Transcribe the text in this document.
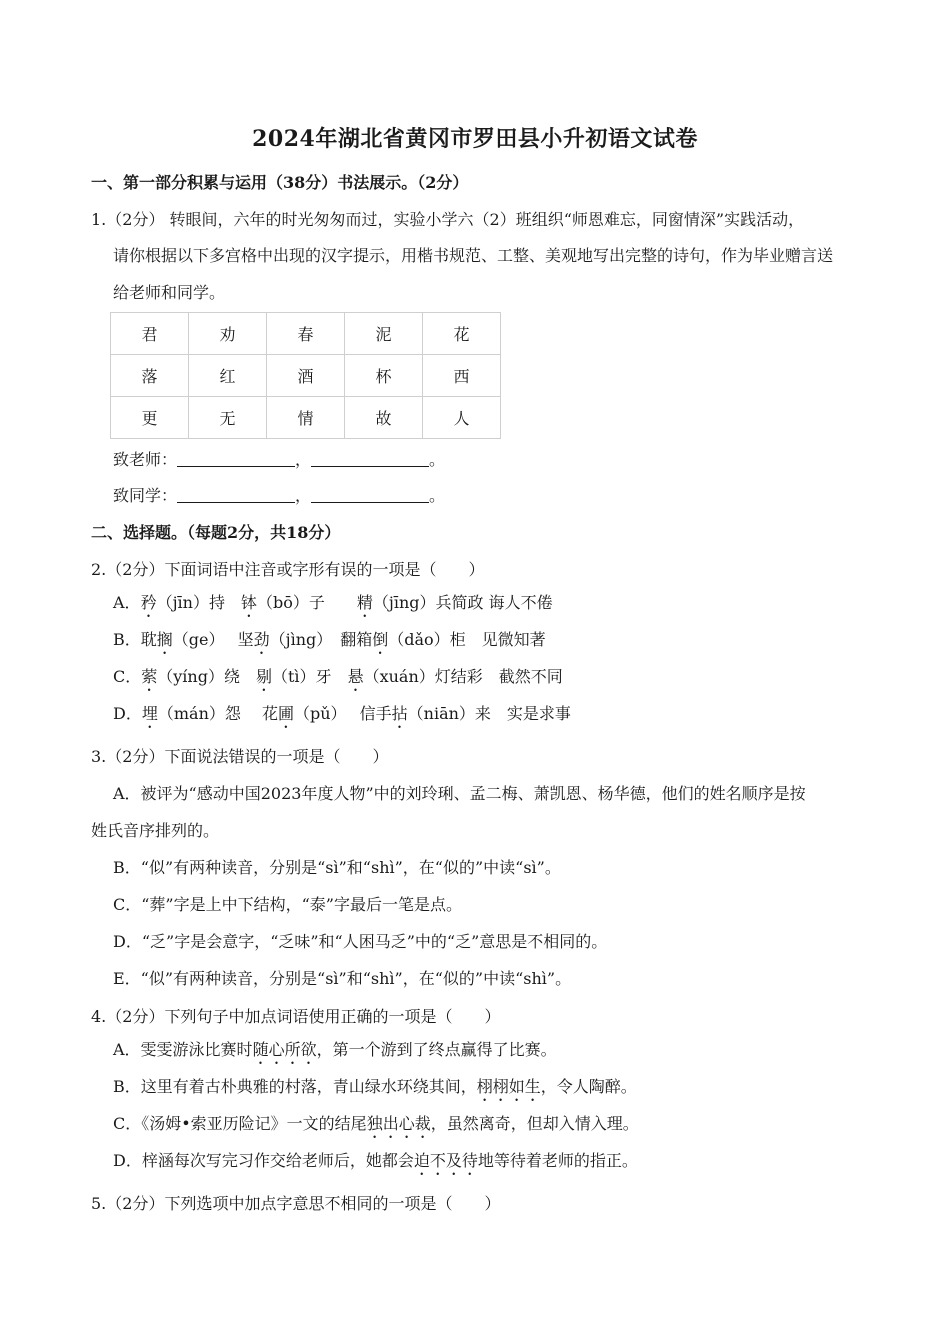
2024年湖北省黄冈市罗田县小升初语文试卷
一、第一部分积累与运用（38分）书法展示。（2分）
1.（2分） 转眼间，六年的时光匆匆而过，实验小学六（2）班组织“师恩难忘，同窗情深”实践活动，
请你根据以下多宫格中出现的汉字提示，用楷书规范、工整、美观地写出完整的诗句，作为毕业赠言送
给老师和同学。
君	劝	春	泥	花
落	红	酒	杯	西
更	无	情	故	人
致老师：	，	。
致同学：	，	。
二、选择题。（每题2分，共18分）
2.（2分）下面词语中注音或字形有误的一项是（　　）
A．矜（jīn）持　钵（bō）子　　精（jīng）兵简政 诲人不倦
B．耽搁（ge）　 坚劲（jìng）　翻箱倒（dǎo）柜　见微知著
C．萦（yíng）绕　剔（tì）牙　悬（xuán）灯结彩　截然不同
D．埋（mán）怨　 花圃（pǔ）　 信手拈（niān）来　实是求事
3.（2分）下面说法错误的一项是（　　）
A．被评为“感动中国2023年度人物”中的刘玲琍、孟二梅、萧凯恩、杨华德，他们的姓名顺序是按
姓氏音序排列的。
B．“似”有两种读音，分别是“sì”和“shì”，在“似的”中读“sì”。
C．“葬”字是上中下结构，“泰”字最后一笔是点。
D．“乏”字是会意字，“乏味”和“人困马乏”中的“乏”意思是不相同的。
E．“似”有两种读音，分别是“sì”和“shì”，在“似的”中读“shì”。
4.（2分）下列句子中加点词语使用正确的一项是（　　）
A．雯雯游泳比赛时随心所欲，第一个游到了终点赢得了比赛。
B．这里有着古朴典雅的村落，青山绿水环绕其间，栩栩如生，令人陶醉。
C．《汤姆•索亚历险记》一文的结尾独出心裁，虽然离奇，但却入情入理。
D．梓涵每次写完习作交给老师后，她都会迫不及待地等待着老师的指正。
5.（2分）下列选项中加点字意思不相同的一项是（　　）
